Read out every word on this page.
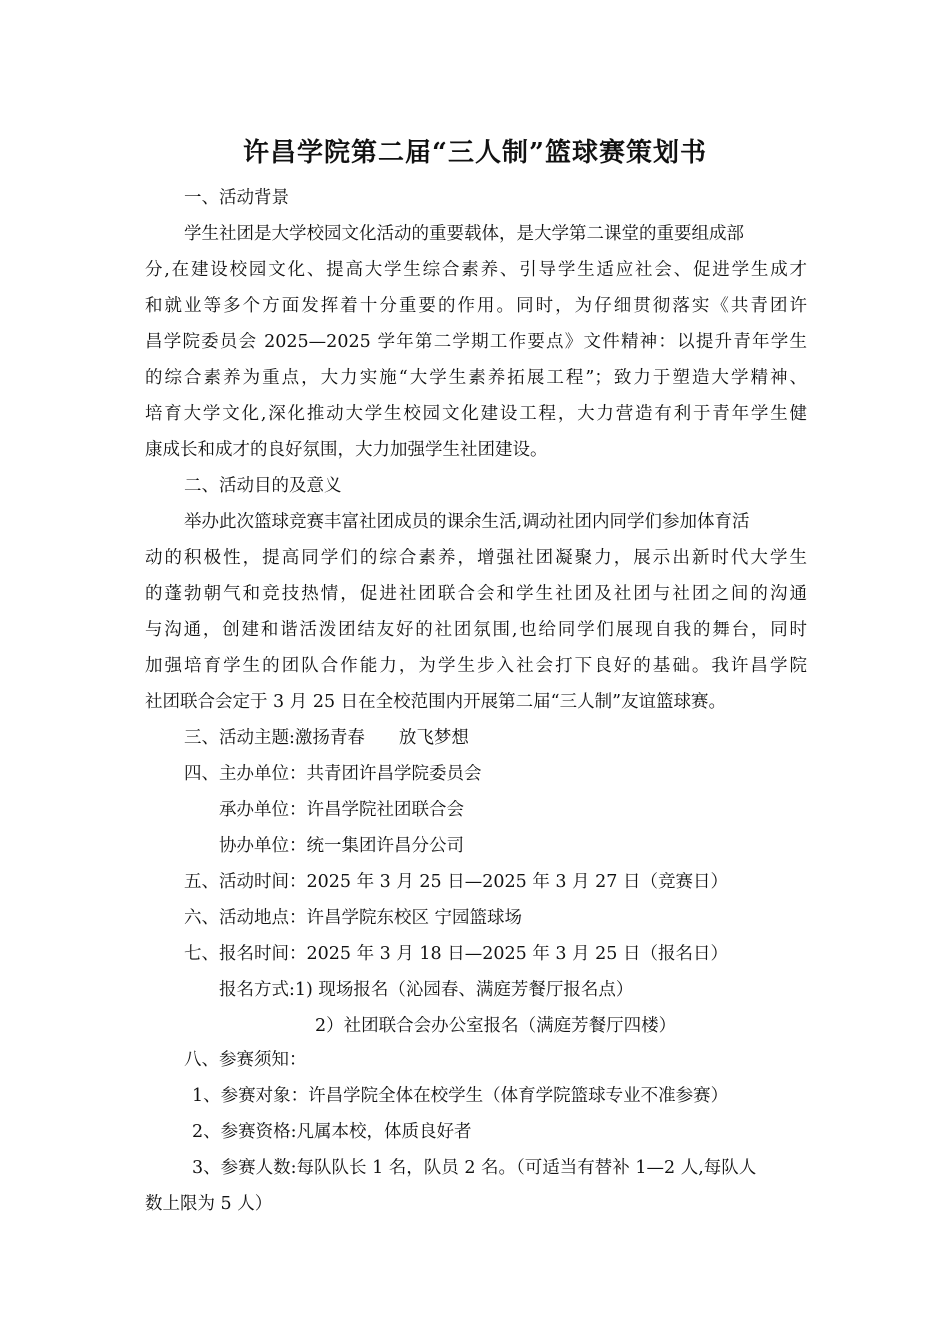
许昌学院第二届“三人制”篮球赛策划书

一、活动背景

学生社团是大学校园文化活动的重要载体，是大学第二课堂的重要组成部

分,在建设校园文化、提高大学生综合素养、引导学生适应社会、促进学生成才

和就业等多个方面发挥着十分重要的作用。同时，为仔细贯彻落实《共青团许

昌学院委员会 2025—2025 学年第二学期工作要点》文件精神：以提升青年学生

的综合素养为重点，大力实施“大学生素养拓展工程”；致力于塑造大学精神、

培育大学文化,深化推动大学生校园文化建设工程，大力营造有利于青年学生健

康成长和成才的良好氛围，大力加强学生社团建设。

二、活动目的及意义

举办此次篮球竞赛丰富社团成员的课余生活,调动社团内同学们参加体育活

动的积极性，提高同学们的综合素养，增强社团凝聚力，展示出新时代大学生

的蓬勃朝气和竞技热情，促进社团联合会和学生社团及社团与社团之间的沟通

与沟通，创建和谐活泼团结友好的社团氛围,也给同学们展现自我的舞台，同时

加强培育学生的团队合作能力，为学生步入社会打下良好的基础。我许昌学院

社团联合会定于 3 月 25 日在全校范围内开展第二届“三人制”友谊篮球赛。

三、活动主题:激扬青春 放飞梦想

四、主办单位：共青团许昌学院委员会

承办单位：许昌学院社团联合会

协办单位：统一集团许昌分公司

五、活动时间：2025 年 3 月 25 日—2025 年 3 月 27 日（竞赛日）

六、活动地点：许昌学院东校区 宁园篮球场

七、报名时间：2025 年 3 月 18 日—2025 年 3 月 25 日（报名日）

报名方式:1) 现场报名（沁园春、满庭芳餐厅报名点）

2）社团联合会办公室报名（满庭芳餐厅四楼）

八、参赛须知：

1、参赛对象：许昌学院全体在校学生（体育学院篮球专业不准参赛）

2、参赛资格:凡属本校，体质良好者

3、参赛人数:每队队长 1 名，队员 2 名。（可适当有替补 1—2 人,每队人

数上限为 5 人）
